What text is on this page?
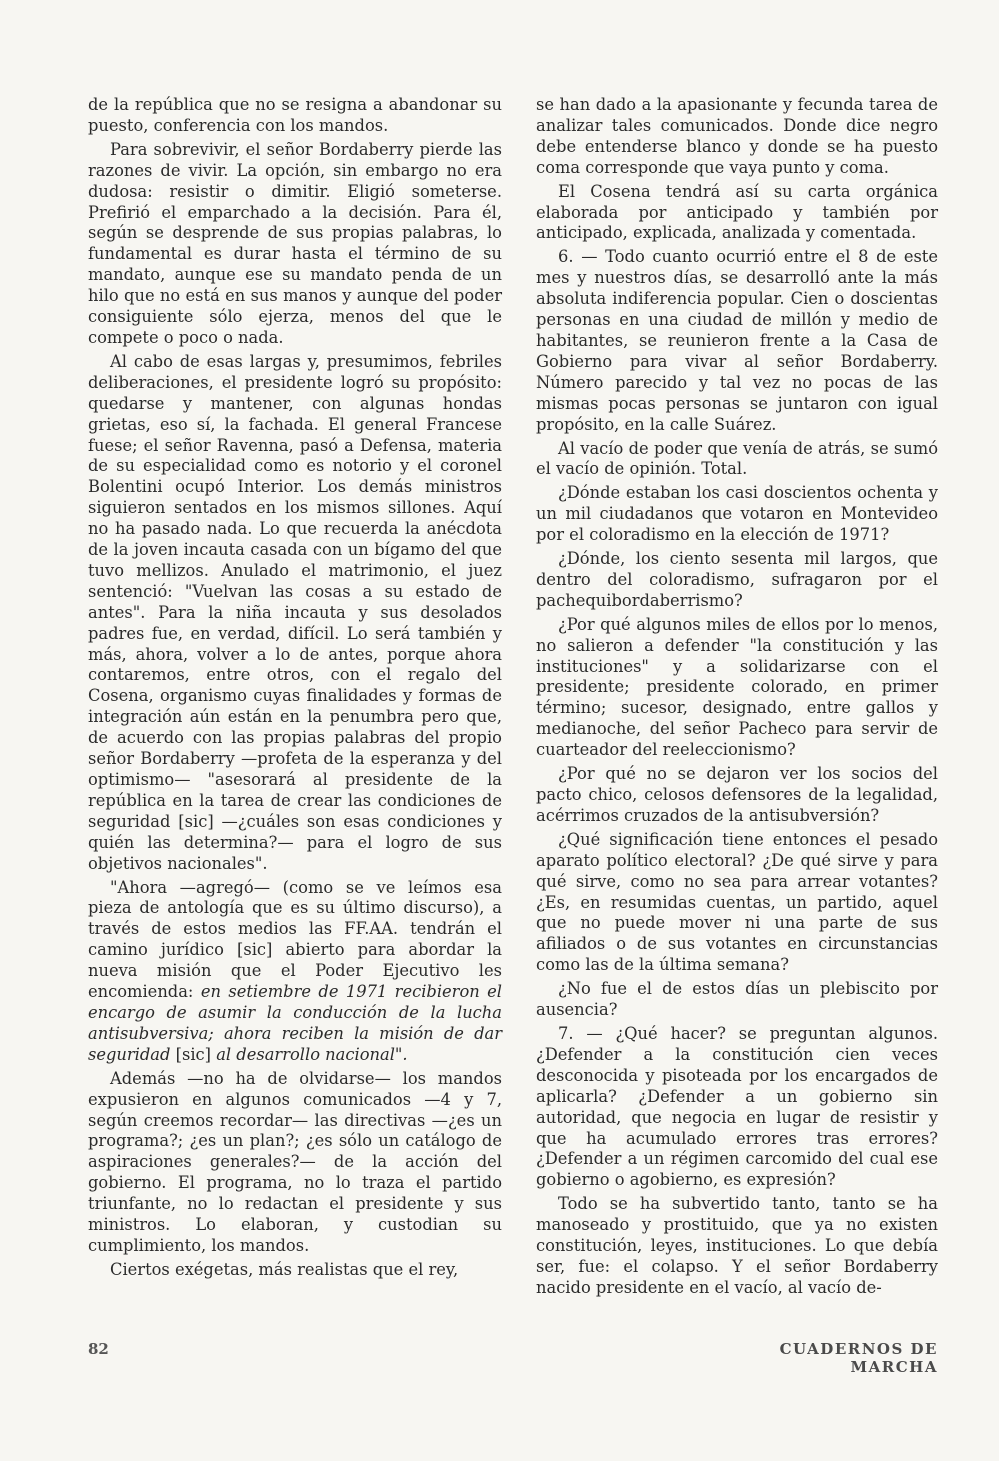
de la república que no se resigna a abandonar su puesto, conferencia con los mandos.

Para sobrevivir, el señor Bordaberry pierde las razones de vivir. La opción, sin embargo no era dudosa: resistir o dimitir. Eligió someterse. Prefirió el emparchado a la decisión. Para él, según se desprende de sus propias palabras, lo fundamental es durar hasta el término de su mandato, aunque ese su mandato penda de un hilo que no está en sus manos y aunque del poder consiguiente sólo ejerza, menos del que le compete o poco o nada.

Al cabo de esas largas y, presumimos, febriles deliberaciones, el presidente logró su propósito: quedarse y mantener, con algunas hondas grietas, eso sí, la fachada. El general Francese fuese; el señor Ravenna, pasó a Defensa, materia de su especialidad como es notorio y el coronel Bolentini ocupó Interior. Los demás ministros siguieron sentados en los mismos sillones. Aquí no ha pasado nada. Lo que recuerda la anécdota de la joven incauta casada con un bígamo del que tuvo mellizos. Anulado el matrimonio, el juez sentenció: "Vuelvan las cosas a su estado de antes". Para la niña incauta y sus desolados padres fue, en verdad, difícil. Lo será también y más, ahora, volver a lo de antes, porque ahora contaremos, entre otros, con el regalo del Cosena, organismo cuyas finalidades y formas de integración aún están en la penumbra pero que, de acuerdo con las propias palabras del propio señor Bordaberry —profeta de la esperanza y del optimismo— "asesorará al presidente de la república en la tarea de crear las condiciones de seguridad [sic] —¿cuáles son esas condiciones y quién las determina?— para el logro de sus objetivos nacionales".

"Ahora —agregó— (como se ve leímos esa pieza de antología que es su último discurso), a través de estos medios las FF.AA. tendrán el camino jurídico [sic] abierto para abordar la nueva misión que el Poder Ejecutivo les encomienda: en setiembre de 1971 recibieron el encargo de asumir la conducción de la lucha antisubversiva; ahora reciben la misión de dar seguridad [sic] al desarrollo nacional".

Además —no ha de olvidarse— los mandos expusieron en algunos comunicados —4 y 7, según creemos recordar— las directivas —¿es un programa?; ¿es un plan?; ¿es sólo un catálogo de aspiraciones generales?— de la acción del gobierno. El programa, no lo traza el partido triunfante, no lo redactan el presidente y sus ministros. Lo elaboran, y custodian su cumplimiento, los mandos.

Ciertos exégetas, más realistas que el rey,

se han dado a la apasionante y fecunda tarea de analizar tales comunicados. Donde dice negro debe entenderse blanco y donde se ha puesto coma corresponde que vaya punto y coma.

El Cosena tendrá así su carta orgánica elaborada por anticipado y también por anticipado, explicada, analizada y comentada.

6. — Todo cuanto ocurrió entre el 8 de este mes y nuestros días, se desarrolló ante la más absoluta indiferencia popular. Cien o doscientas personas en una ciudad de millón y medio de habitantes, se reunieron frente a la Casa de Gobierno para vivar al señor Bordaberry. Número parecido y tal vez no pocas de las mismas pocas personas se juntaron con igual propósito, en la calle Suárez.

Al vacío de poder que venía de atrás, se sumó el vacío de opinión. Total.

¿Dónde estaban los casi doscientos ochenta y un mil ciudadanos que votaron en Montevideo por el coloradismo en la elección de 1971?

¿Dónde, los ciento sesenta mil largos, que dentro del coloradismo, sufragaron por el pachequibordaberrismo?

¿Por qué algunos miles de ellos por lo menos, no salieron a defender "la constitución y las instituciones" y a solidarizarse con el presidente; presidente colorado, en primer término; sucesor, designado, entre gallos y medianoche, del señor Pacheco para servir de cuarteador del reeleccionismo?

¿Por qué no se dejaron ver los socios del pacto chico, celosos defensores de la legalidad, acérrimos cruzados de la antisubversión?

¿Qué significación tiene entonces el pesado aparato político electoral? ¿De qué sirve y para qué sirve, como no sea para arrear votantes? ¿Es, en resumidas cuentas, un partido, aquel que no puede mover ni una parte de sus afiliados o de sus votantes en circunstancias como las de la última semana?

¿No fue el de estos días un plebiscito por ausencia?

7. — ¿Qué hacer? se preguntan algunos. ¿Defender a la constitución cien veces desconocida y pisoteada por los encargados de aplicarla? ¿Defender a un gobierno sin autoridad, que negocia en lugar de resistir y que ha acumulado errores tras errores? ¿Defender a un régimen carcomido del cual ese gobierno o agobierno, es expresión?

Todo se ha subvertido tanto, tanto se ha manoseado y prostituido, que ya no existen constitución, leyes, instituciones. Lo que debía ser, fue: el colapso. Y el señor Bordaberry nacido presidente en el vacío, al vacío de-

82	CUADERNOS DE MARCHA
